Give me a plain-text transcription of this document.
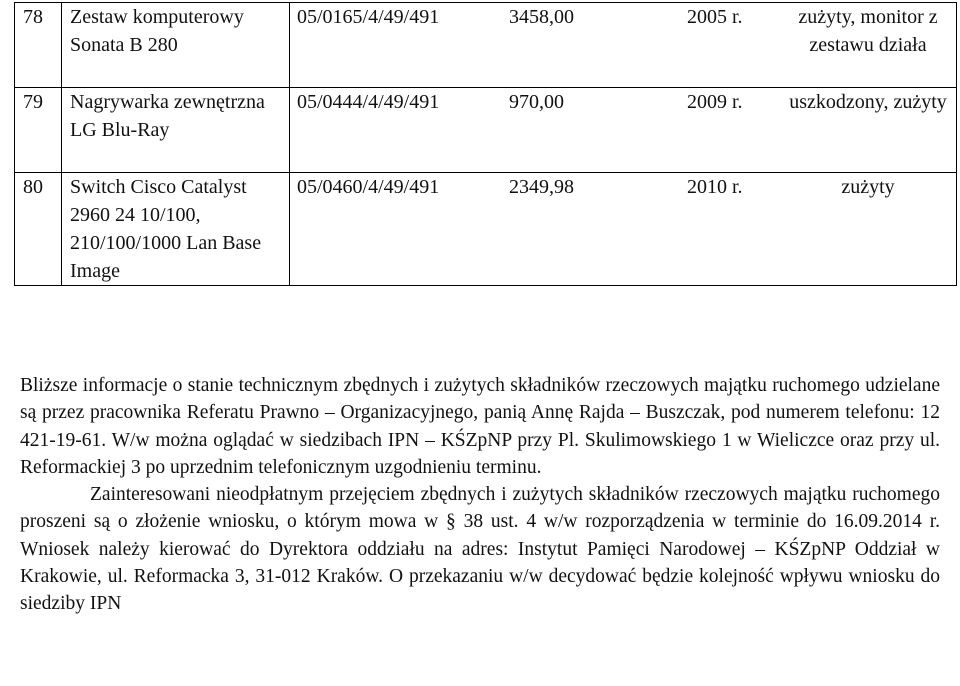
78	Zestaw komputerowy Sonata B 280	05/0165/4/49/491 3458,00 2005 r. zużyty, monitor z zestawu działa

79	Nagrywarka zewnętrzna LG Blu-Ray	05/0444/4/49/491 970,00 2009 r. uszkodzony, zużyty

80	Switch Cisco Catalyst 2960 24 10/100, 210/100/1000 Lan Base Image	05/0460/4/49/491 2349,98 2010 r. zużyty

Bliższe informacje o stanie technicznym zbędnych i zużytych składników rzeczowych majątku ruchomego udzielane są przez pracownika Referatu Prawno – Organizacyjnego, panią Annę Rajda – Buszczak, pod numerem telefonu: 12 421-19-61. W/w można oglądać w siedzibach IPN – KŚZpNP przy Pl. Skulimowskiego 1 w Wieliczce oraz przy ul. Reformackiej 3 po uprzednim telefonicznym uzgodnieniu terminu.

Zainteresowani nieodpłatnym przejęciem zbędnych i zużytych składników rzeczowych majątku ruchomego proszeni są o złożenie wniosku, o którym mowa w § 38 ust. 4 w/w rozporządzenia w terminie do 16.09.2014 r. Wniosek należy kierować do Dyrektora oddziału na adres: Instytut Pamięci Narodowej – KŚZpNP Oddział w Krakowie, ul. Reformacka 3, 31-012 Kraków. O przekazaniu w/w decydować będzie kolejność wpływu wniosku do siedziby IPN
